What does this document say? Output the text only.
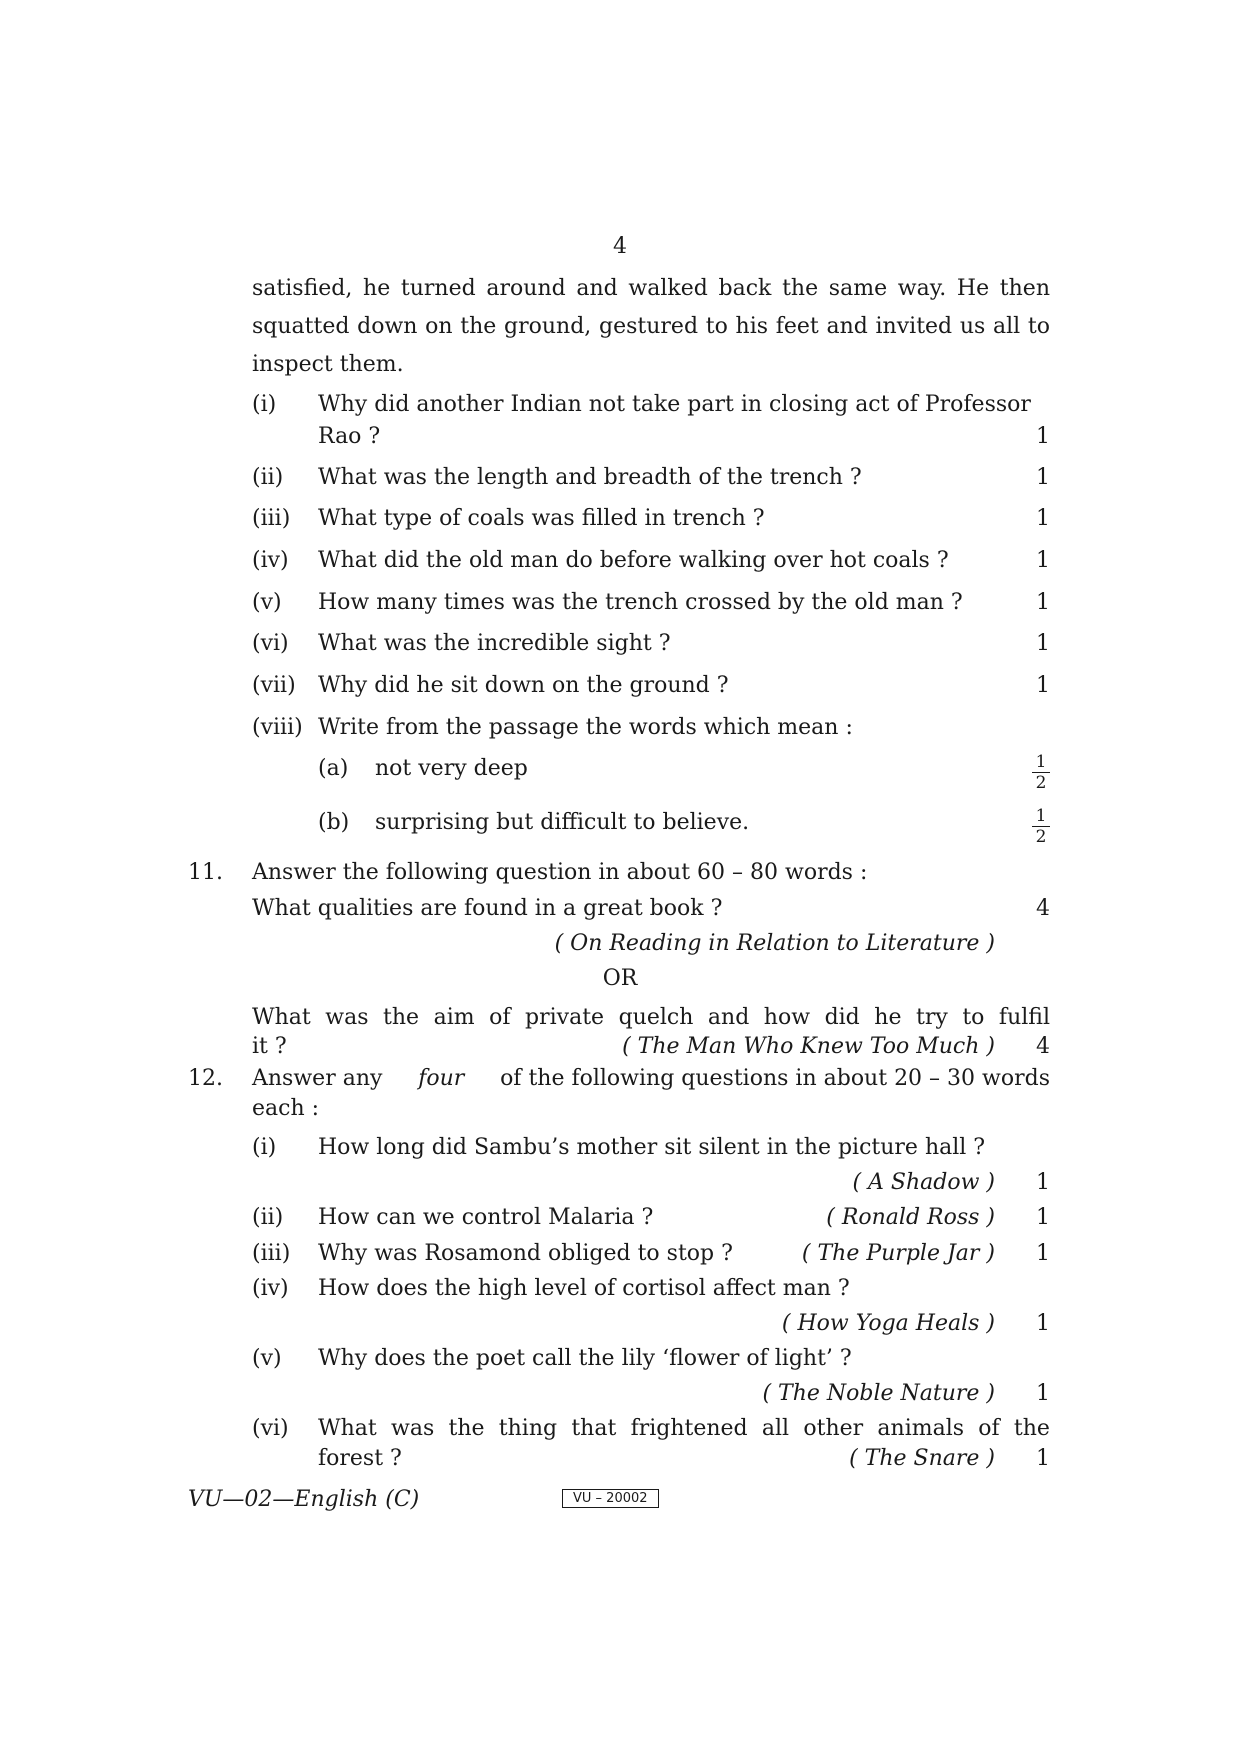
4
satisfied, he turned around and walked back the same way. He then
squatted down on the ground, gestured to his feet and invited us all to
inspect them.
(i) Why did another Indian not take part in closing act of Professor
Rao ?	1
(ii) What was the length and breadth of the trench ?	1
(iii) What type of coals was filled in trench ?	1
(iv) What did the old man do before walking over hot coals ?	1
(v) How many times was the trench crossed by the old man ?	1
(vi) What was the incredible sight ?	1
(vii) Why did he sit down on the ground ?	1
(viii) Write from the passage the words which mean :
(a) not very deep	$\frac{1}{2}$
(b) surprising but difficult to believe.	$\frac{1}{2}$
11. Answer the following question in about 60 – 80 words :
What qualities are found in a great book ?	4
( On Reading in Relation to Literature )
OR
What was the aim of private quelch and how did he try to fulfil
it ?	( The Man Who Knew Too Much ) 4
12. Answer any four of the following questions in about 20 – 30 words
each :
(i) How long did Sambu’s mother sit silent in the picture hall ?
( A Shadow ) 1
(ii) How can we control Malaria ?	( Ronald Ross ) 1
(iii) Why was Rosamond obliged to stop ?	( The Purple Jar ) 1
(iv) How does the high level of cortisol affect man ?
( How Yoga Heals ) 1
(v) Why does the poet call the lily ‘flower of light’ ?
( The Noble Nature ) 1
(vi) What was the thing that frightened all other animals of the
forest ?	( The Snare ) 1
VU—02—English (C)	VU – 20002
